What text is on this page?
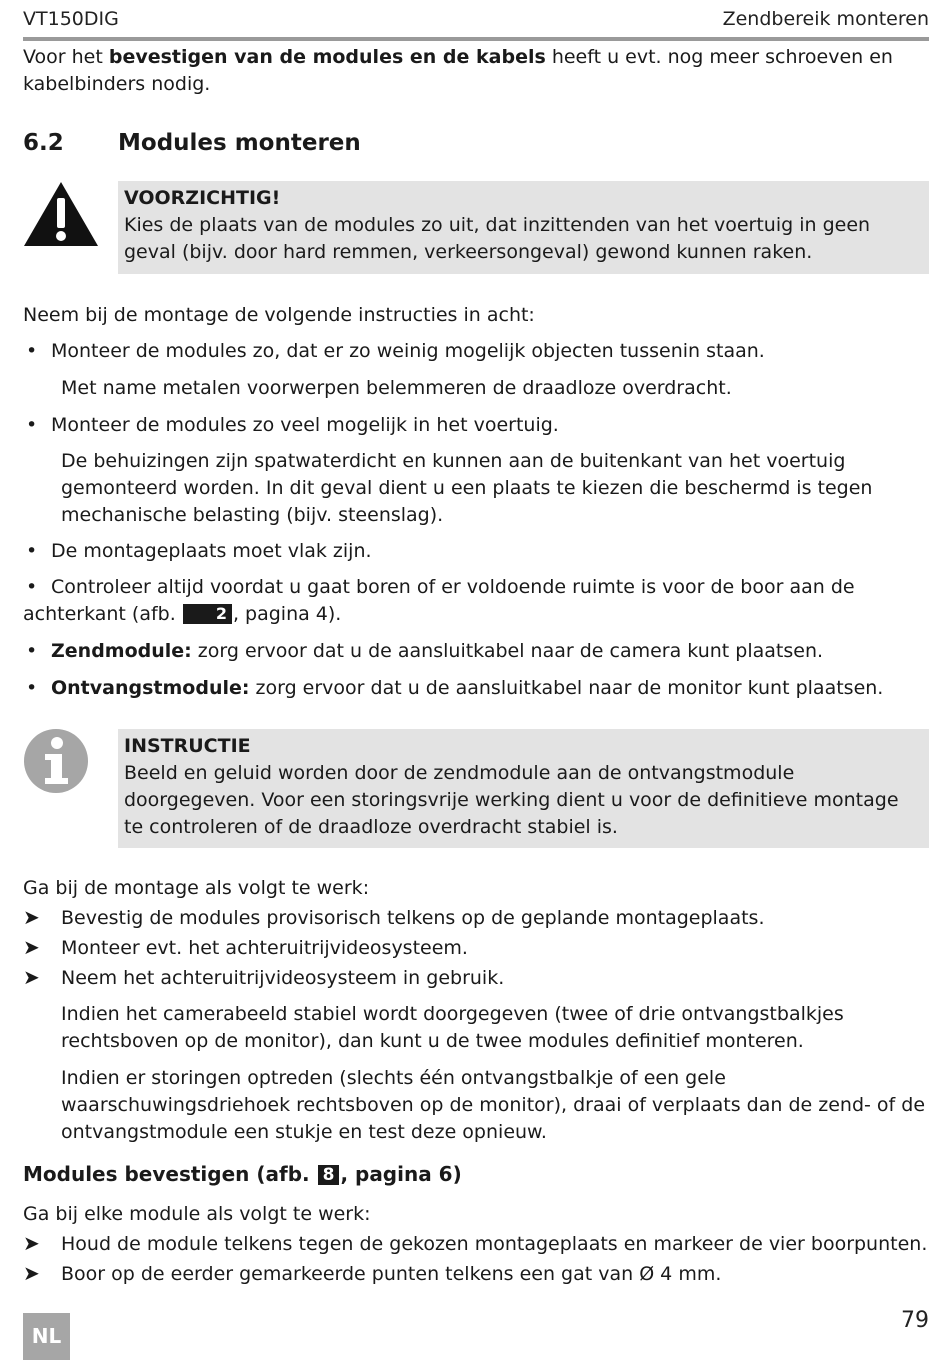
VT150DIG	Zendbereik monteren
Voor het bevestigen van de modules en de kabels heeft u evt. nog meer schroeven en kabelbinders nodig.
6.2 Modules monteren
VOORZICHTIG!
Kies de plaats van de modules zo uit, dat inzittenden van het voertuig in geen geval (bijv. door hard remmen, verkeersongeval) gewond kunnen raken.
Neem bij de montage de volgende instructies in acht:
• Monteer de modules zo, dat er zo weinig mogelijk objecten tussenin staan.
Met name metalen voorwerpen belemmeren de draadloze overdracht.
• Monteer de modules zo veel mogelijk in het voertuig.
De behuizingen zijn spatwaterdicht en kunnen aan de buitenkant van het voertuig gemonteerd worden. In dit geval dient u een plaats te kiezen die beschermd is tegen mechanische belasting (bijv. steenslag).
• De montageplaats moet vlak zijn.
• Controleer altijd voordat u gaat boren of er voldoende ruimte is voor de boor aan de achterkant (afb. 2 , pagina 4).
• Zendmodule: zorg ervoor dat u de aansluitkabel naar de camera kunt plaatsen.
• Ontvangstmodule: zorg ervoor dat u de aansluitkabel naar de monitor kunt plaatsen.
INSTRUCTIE
Beeld en geluid worden door de zendmodule aan de ontvangstmodule doorgegeven. Voor een storingsvrije werking dient u voor de definitieve montage te controleren of de draadloze overdracht stabiel is.
Ga bij de montage als volgt te werk:
➤ Bevestig de modules provisorisch telkens op de geplande montageplaats.
➤ Monteer evt. het achteruitrijvideosysteem.
➤ Neem het achteruitrijvideosysteem in gebruik.
Indien het camerabeeld stabiel wordt doorgegeven (twee of drie ontvangstbalkjes rechtsboven op de monitor), dan kunt u de twee modules definitief monteren.
Indien er storingen optreden (slechts één ontvangstbalkje of een gele waarschuwingsdriehoek rechtsboven op de monitor), draai of verplaats dan de zend- of de ontvangstmodule een stukje en test deze opnieuw.
Modules bevestigen (afb. 8 , pagina 6)
Ga bij elke module als volgt te werk:
➤ Houd de module telkens tegen de gekozen montageplaats en markeer de vier boorpunten.
➤ Boor op de eerder gemarkeerde punten telkens een gat van Ø 4 mm.
NL
79
